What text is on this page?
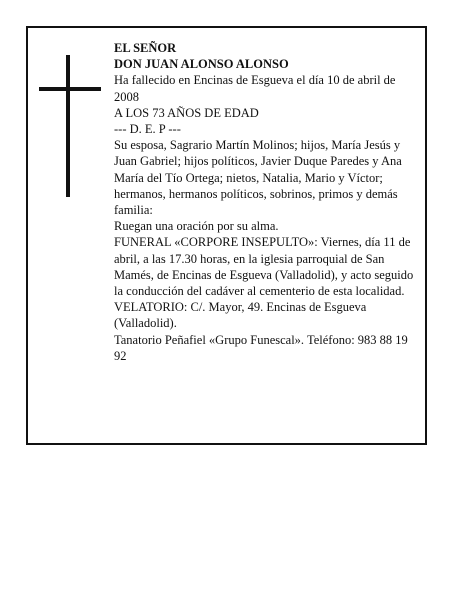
EL SEÑOR

DON JUAN ALONSO ALONSO

Ha fallecido en Encinas de Esgueva el día 10 de abril de 2008

A LOS 73 AÑOS DE EDAD

--- D. E. P ---

Su esposa, Sagrario Martín Molinos; hijos, María Jesús y Juan Gabriel; hijos políticos, Javier Duque Paredes y Ana María del Tío Ortega; nietos, Natalia, Mario y Víctor; hermanos, hermanos políticos, sobrinos, primos y demás familia:

Ruegan una oración por su alma.

FUNERAL «CORPORE INSEPULTO»: Viernes, día 11 de abril, a las 17.30 horas, en la iglesia parroquial de San Mamés, de Encinas de Esgueva (Valladolid), y acto seguido la conducción del cadáver al cementerio de esta localidad.

VELATORIO: C/. Mayor, 49. Encinas de Esgueva (Valladolid).

Tanatorio Peñafiel «Grupo Funescal». Teléfono: 983 88 19 92
